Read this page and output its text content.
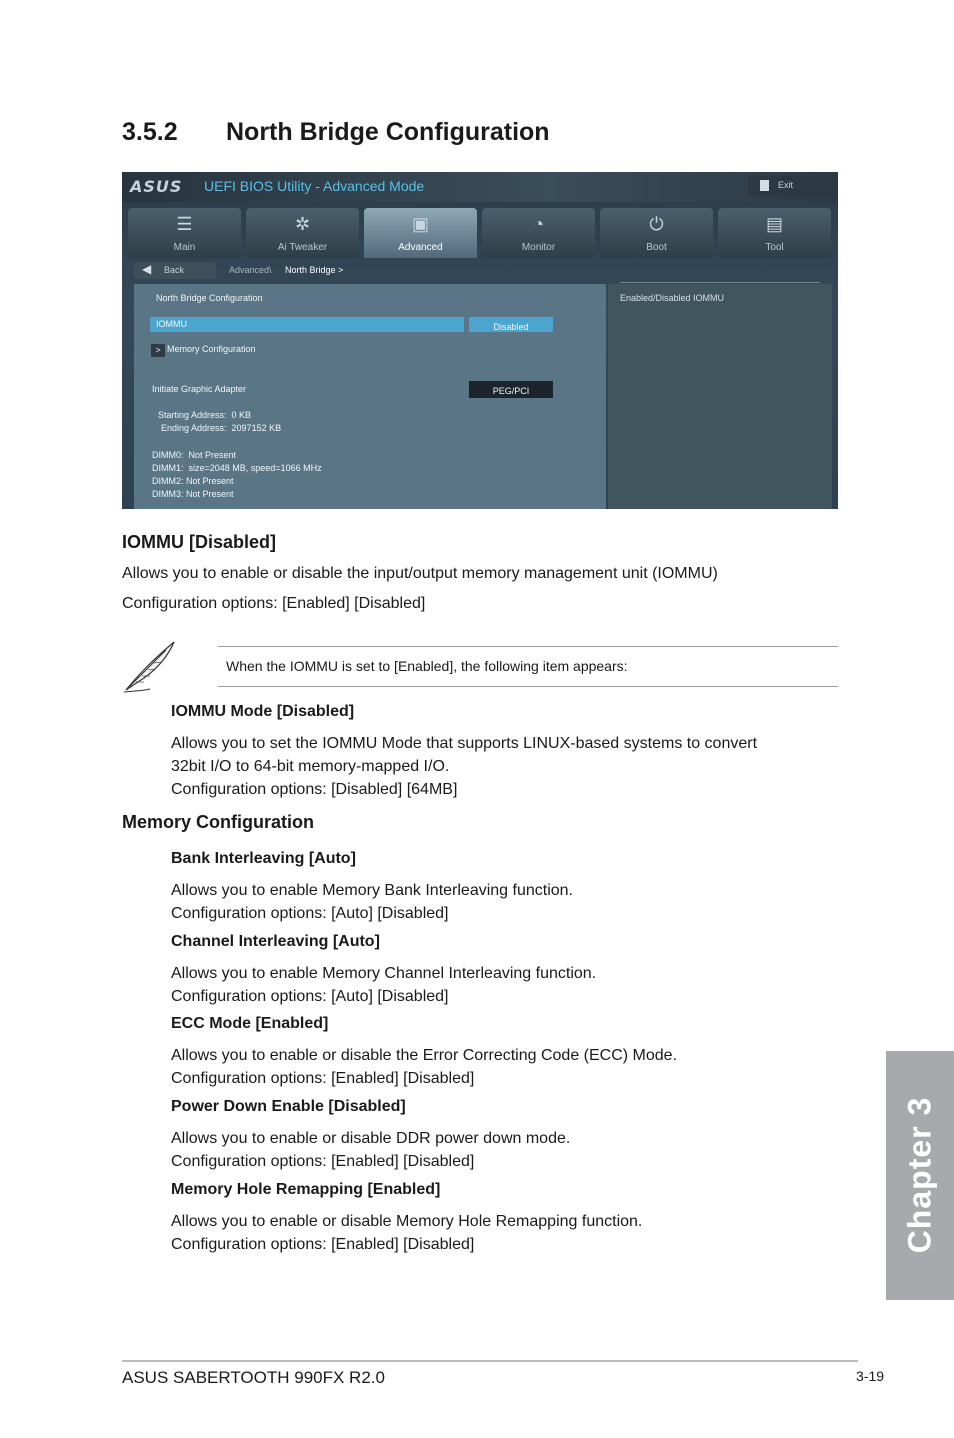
3.5.2 North Bridge Configuration
ASUS UEFI BIOS Utility - Advanced Mode	Exit
☰
Main
✲
Ai Tweaker
▣
Advanced
◔
Monitor
⏻
Boot
▤
Tool
◀ Back	Advanced\ North Bridge >
Enabled/Disabled IOMMU
North Bridge Configuration
IOMMU	Disabled
> Memory Configuration
Initiate Graphic Adapter	PEG/PCI
Starting Address:  0 KB
Ending Address:  2097152 KB
DIMM0:  Not Present
DIMM1:  size=2048 MB, speed=1066 MHz
DIMM2: Not Present
DIMM3: Not Present
IOMMU [Disabled]
Allows you to enable or disable the input/output memory management unit (IOMMU)
Configuration options: [Enabled] [Disabled]
When the IOMMU is set to [Enabled], the following item appears:
IOMMU Mode [Disabled]
Allows you to set the IOMMU Mode that supports LINUX-based systems to convert
32bit I/O to 64-bit memory-mapped I/O.
Configuration options: [Disabled] [64MB]
Memory Configuration
Bank Interleaving [Auto]
Allows you to enable Memory Bank Interleaving function.
Configuration options: [Auto] [Disabled]
Channel Interleaving [Auto]
Allows you to enable Memory Channel Interleaving function.
Configuration options: [Auto] [Disabled]
ECC Mode [Enabled]
Allows you to enable or disable the Error Correcting Code (ECC) Mode.
Configuration options: [Enabled] [Disabled]
Power Down Enable [Disabled]
Allows you to enable or disable DDR power down mode.
Configuration options: [Enabled] [Disabled]
Memory Hole Remapping [Enabled]
Allows you to enable or disable Memory Hole Remapping function.
Configuration options: [Enabled] [Disabled]	Chapter 3
ASUS SABERTOOTH 990FX R2.0	3-19
